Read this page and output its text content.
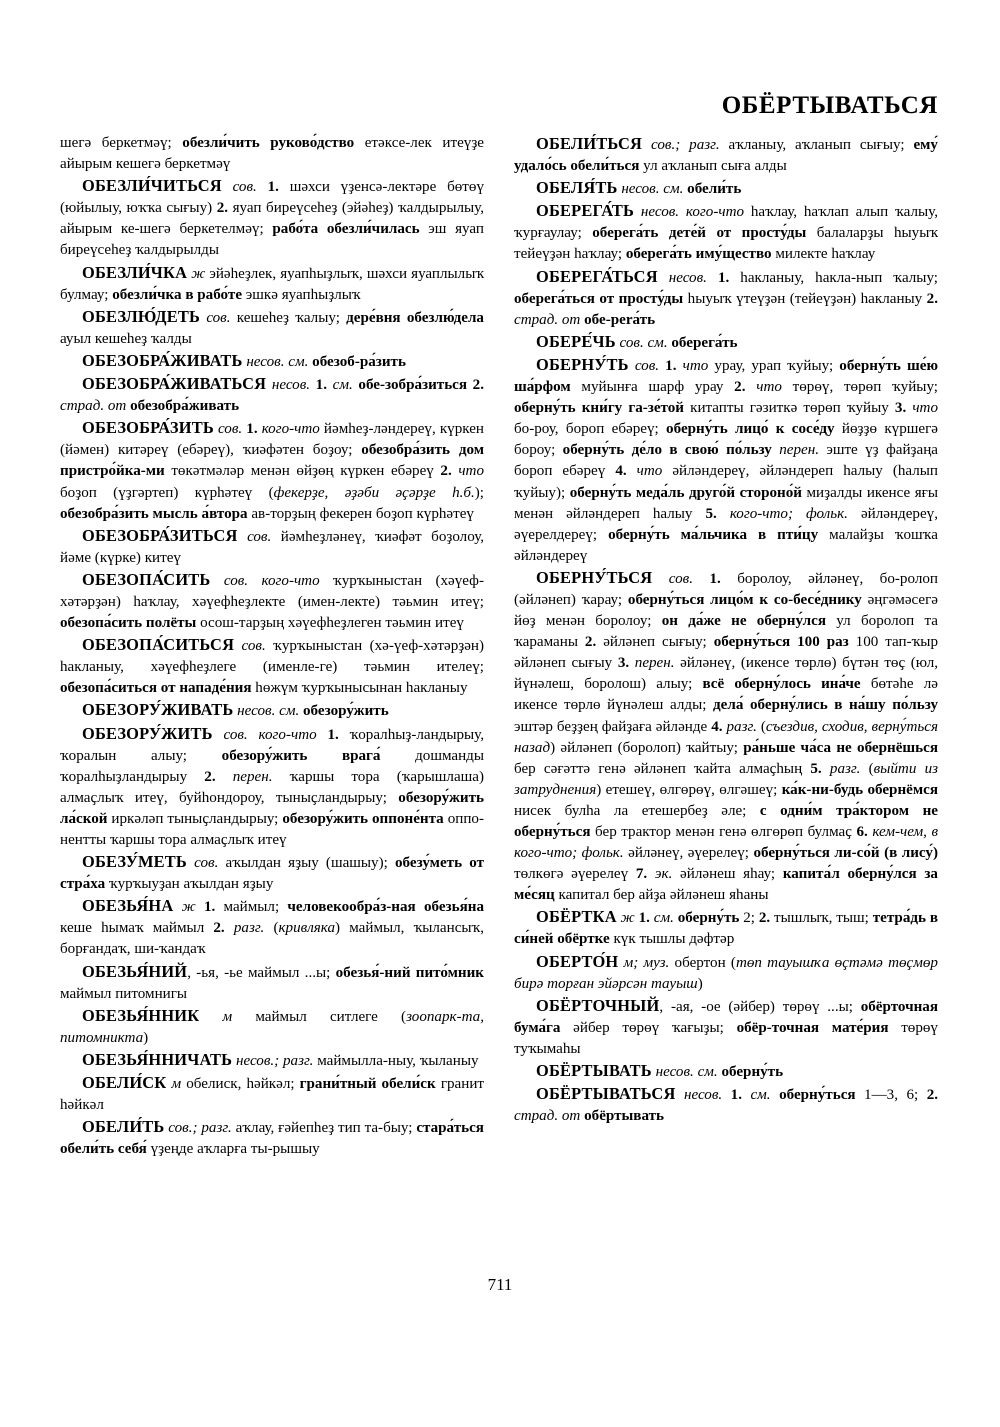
ОБЁРТЫВАТЬСЯ

шегә беркетмәү; обезли́чить руково́дство етәксе-лек итеүҙе айырым кешегә беркетмәү

ОБЕЗЛИ́ЧИТЬСЯ сов. 1. шәхси үҙенсә-лектәре бөтөү (юйылыу, юҡҡа сығыу) 2. яуап биреүсеһеҙ (эйәһеҙ) ҡалдырылыу, айырым ке-шегә беркетелмәү; рабо́та обезли́чилась эш яуап биреүсеһеҙ ҡалдырылды

ОБЕЗЛИ́ЧКА ж эйәһеҙлек, яуапһыҙлыҡ, шәхси яуаплылыҡ булмау; обезли́чка в рабо́те эшкә яуапһыҙлыҡ

ОБЕЗЛЮ́ДЕТЬ сов. кешеһеҙ ҡалыу; дере́вня обезлю́дела ауыл кешеһеҙ ҡалды

ОБЕЗОБРА́ЖИВАТЬ несов. см. обезоб-ра́зить

ОБЕЗОБРА́ЖИВАТЬСЯ несов. 1. см. обе-зобра́зиться 2. страд. от обезобра́живать

ОБЕЗОБРА́ЗИТЬ сов. 1. кого-что йәмһеҙ-ләндереү, күркен (йәмен) китәреү (ебәреү), ҡиәфәтен боҙоу; обезобра́зить дом пристро́йка-ми төкәтмәләр менән өйҙөң күркен ебәреү 2. что боҙоп (үҙгәртеп) күрһәтеү (фекерҙе, әҙәби әҫәрҙе һ.б.); обезобра́зить мысль а́втора ав-торҙың фекерен боҙоп күрһәтеү

ОБЕЗОБРА́ЗИТЬСЯ сов. йәмһеҙләнеү, ҡиәфәт боҙолоу, йәме (күрке) китеү

ОБЕЗОПА́СИТЬ сов. кого-что ҡурҡыныстан (хәүеф-хәтәрҙән) һаҡлау, хәүефһеҙлекте (имен-лекте) тәьмин итеү; обезопа́сить полёты осош-тарҙың хәүефһеҙлеген тәьмин итеү

ОБЕЗОПА́СИТЬСЯ сов. ҡурҡыныстан (хә-үеф-хәтәрҙән) һакланыу, хәүефһеҙлеге (именле-ге) тәьмин ителеү; обезопа́ситься от нападе́ния һөжүм ҡурҡынысынан һакланыу

ОБЕЗОРУ́ЖИВАТЬ несов. см. обезору́жить

ОБЕЗОРУ́ЖИТЬ сов. кого-что 1. ҡоралһыҙ-ландырыу, ҡоралын алыу; обезору́жить врага́ дошманды ҡоралһыҙландырыу 2. перен. ҡаршы тора (ҡарышлаша) алмаҫлыҡ итеү, буйһондороу, тыныҫландырыу; обезору́жить ла́ской иркәләп тыныҫландырыу; обезору́жить оппоне́нта оппо-нентты ҡаршы тора алмаҫлыҡ итеү

ОБЕЗУ́МЕТЬ сов. аҡылдан яҙыу (шашыу); обезу́меть от стра́ха ҡурҡыуҙан аҡылдан яҙыу

ОБЕЗЬЯ́НА ж 1. маймыл; человекообра́з-ная обезья́на кеше һымаҡ маймыл 2. разг. (кривляка) маймыл, ҡылансыҡ, борғандаҡ, ши-ҡандаҡ

ОБЕЗЬЯ́НИЙ, -ья, -ье маймыл ...ы; обезья́-ний пито́мник маймыл питомнигы

ОБЕЗЬЯ́ННИК м маймыл ситлеге (зоопарк-та, питомникта)

ОБЕЗЬЯ́ННИЧАТЬ несов.; разг. маймылла-ныу, ҡыланыу

ОБЕЛИ́СК м обелиск, һәйкәл; грани́тный обели́ск гранит һәйкәл

ОБЕЛИ́ТЬ сов.; разг. аҡлау, ғәйепһеҙ тип та-быу; стара́ться обели́ть себя́ үҙеңде аҡларға ты-рышыу

ОБЕЛИ́ТЬСЯ сов.; разг. аҡланыу, аҡланып сығыу; ему́ удало́сь обели́ться ул аҡланып сыға алды

ОБЕЛЯ́ТЬ несов. см. обели́ть

ОБЕРЕГА́ТЬ несов. кого-что һаҡлау, һаҡлап алып ҡалыу, ҡурғаулау; оберега́ть дете́й от просту́ды балаларҙы һыуыҡ тейеүҙән һаҡлау; оберега́ть иму́щество милекте һаҡлау

ОБЕРЕГА́ТЬСЯ несов. 1. һакланыу, һакла-нып ҡалыу; оберега́ться от просту́ды һыуыҡ үтеүҙән (тейеүҙән) һакланыу 2. страд. от обе-perа́ть

ОБЕРЕ́ЧЬ сов. см. оберега́ть

ОБЕРНУ́ТЬ сов. 1. что урау, урап ҡуйыу; оберну́ть ше́ю ша́рфом муйынға шарф урау 2. что төрөү, төрөп ҡуйыу; оберну́ть кни́гу га-зе́той китапты гәзиткә төрөп ҡуйыу 3. что бо-роу, бороп ебәреү; оберну́ть лицо́ к сосе́ду йөҙҙө күршегә бороу; оберну́ть де́ло в свою́ по́льзу перен. эште үҙ файҙаңа бороп ебәреү 4. что әйләндереү, әйләндереп һалыу (һалып ҡуйыу); оберну́ть меда́ль друго́й стороно́й миҙалды икенсе яғы менән әйләндереп һалыу 5. кого-что; фольк. әйләндереү, әүерелдереү; оберну́ть ма́льчика в пти́цу малайҙы ҡошҡа әйләндереү

ОБЕРНУ́ТЬСЯ сов. 1. боролоу, әйләнеү, бо-ролоп (әйләнеп) ҡарау; оберну́ться лицо́м к со-бесе́днику әңгәмәсегә йөҙ менән боролоу; он да́же не оберну́лся ул боролоп та ҡараманы 2. әйләнеп сығыу; оберну́ться 100 раз 100 тап-ҡыр әйләнеп сығыу 3. перен. әйләнеү, (икенсе төрлө) бүтән төҫ (юл, йүнәлеш, боролош) алыу; всё оберну́лось ина́че бөтәһе лә икенсе төрлө йүнәлеш алды; дела́ оберну́лись в на́шу по́льзу эштәр беҙҙең файҙаға әйләнде 4. разг. (съездив, сходив, верну́ться назад) әйләнеп (боролоп) ҡайтыу; ра́ньше ча́са не обернёшься бер сәғәттә генә әйләнеп ҡайта алмаҫһың 5. разг. (выйти из затруднения) етешеү, өлгөрөү, өлгәшеү; ка́к-ни-будь обернёмся нисек булһа ла етешербеҙ әле; с одни́м тра́ктором не оберну́ться бер трактор менән генә өлгөрөп булмаҫ 6. кем-чем, в кого-что; фольк. әйләнеү, әүерелеү; оберну́ться ли-со́й (в лису́) төлкөгә әүерелеү 7. эк. әйләнеш яһау; капита́л оберну́лся за ме́сяц капитал бер айҙа әйләнеш яһаны

ОБЁРТКА ж 1. см. оберну́ть 2; 2. тышлыҡ, тыш; тетра́дь в си́ней обёртке күк тышлы дәфтәр

ОБЕРТО́Н м; муз. обертон (төп тауышҡа өҫтәмә төҫмөр бирә торған эйәрсән тауыш)

ОБЁРТОЧНЫЙ, -ая, -ое (әйбер) төрөү ...ы; обёрточная бума́га әйбер төрөү ҡағыҙы; обёр-точная мате́рия төрөү туҡымаһы

ОБЁРТЫВАТЬ несов. см. оберну́ть

ОБЁРТЫВАТЬСЯ несов. 1. см. оберну́ться 1—3, 6; 2. страд. от обёртывать

711
